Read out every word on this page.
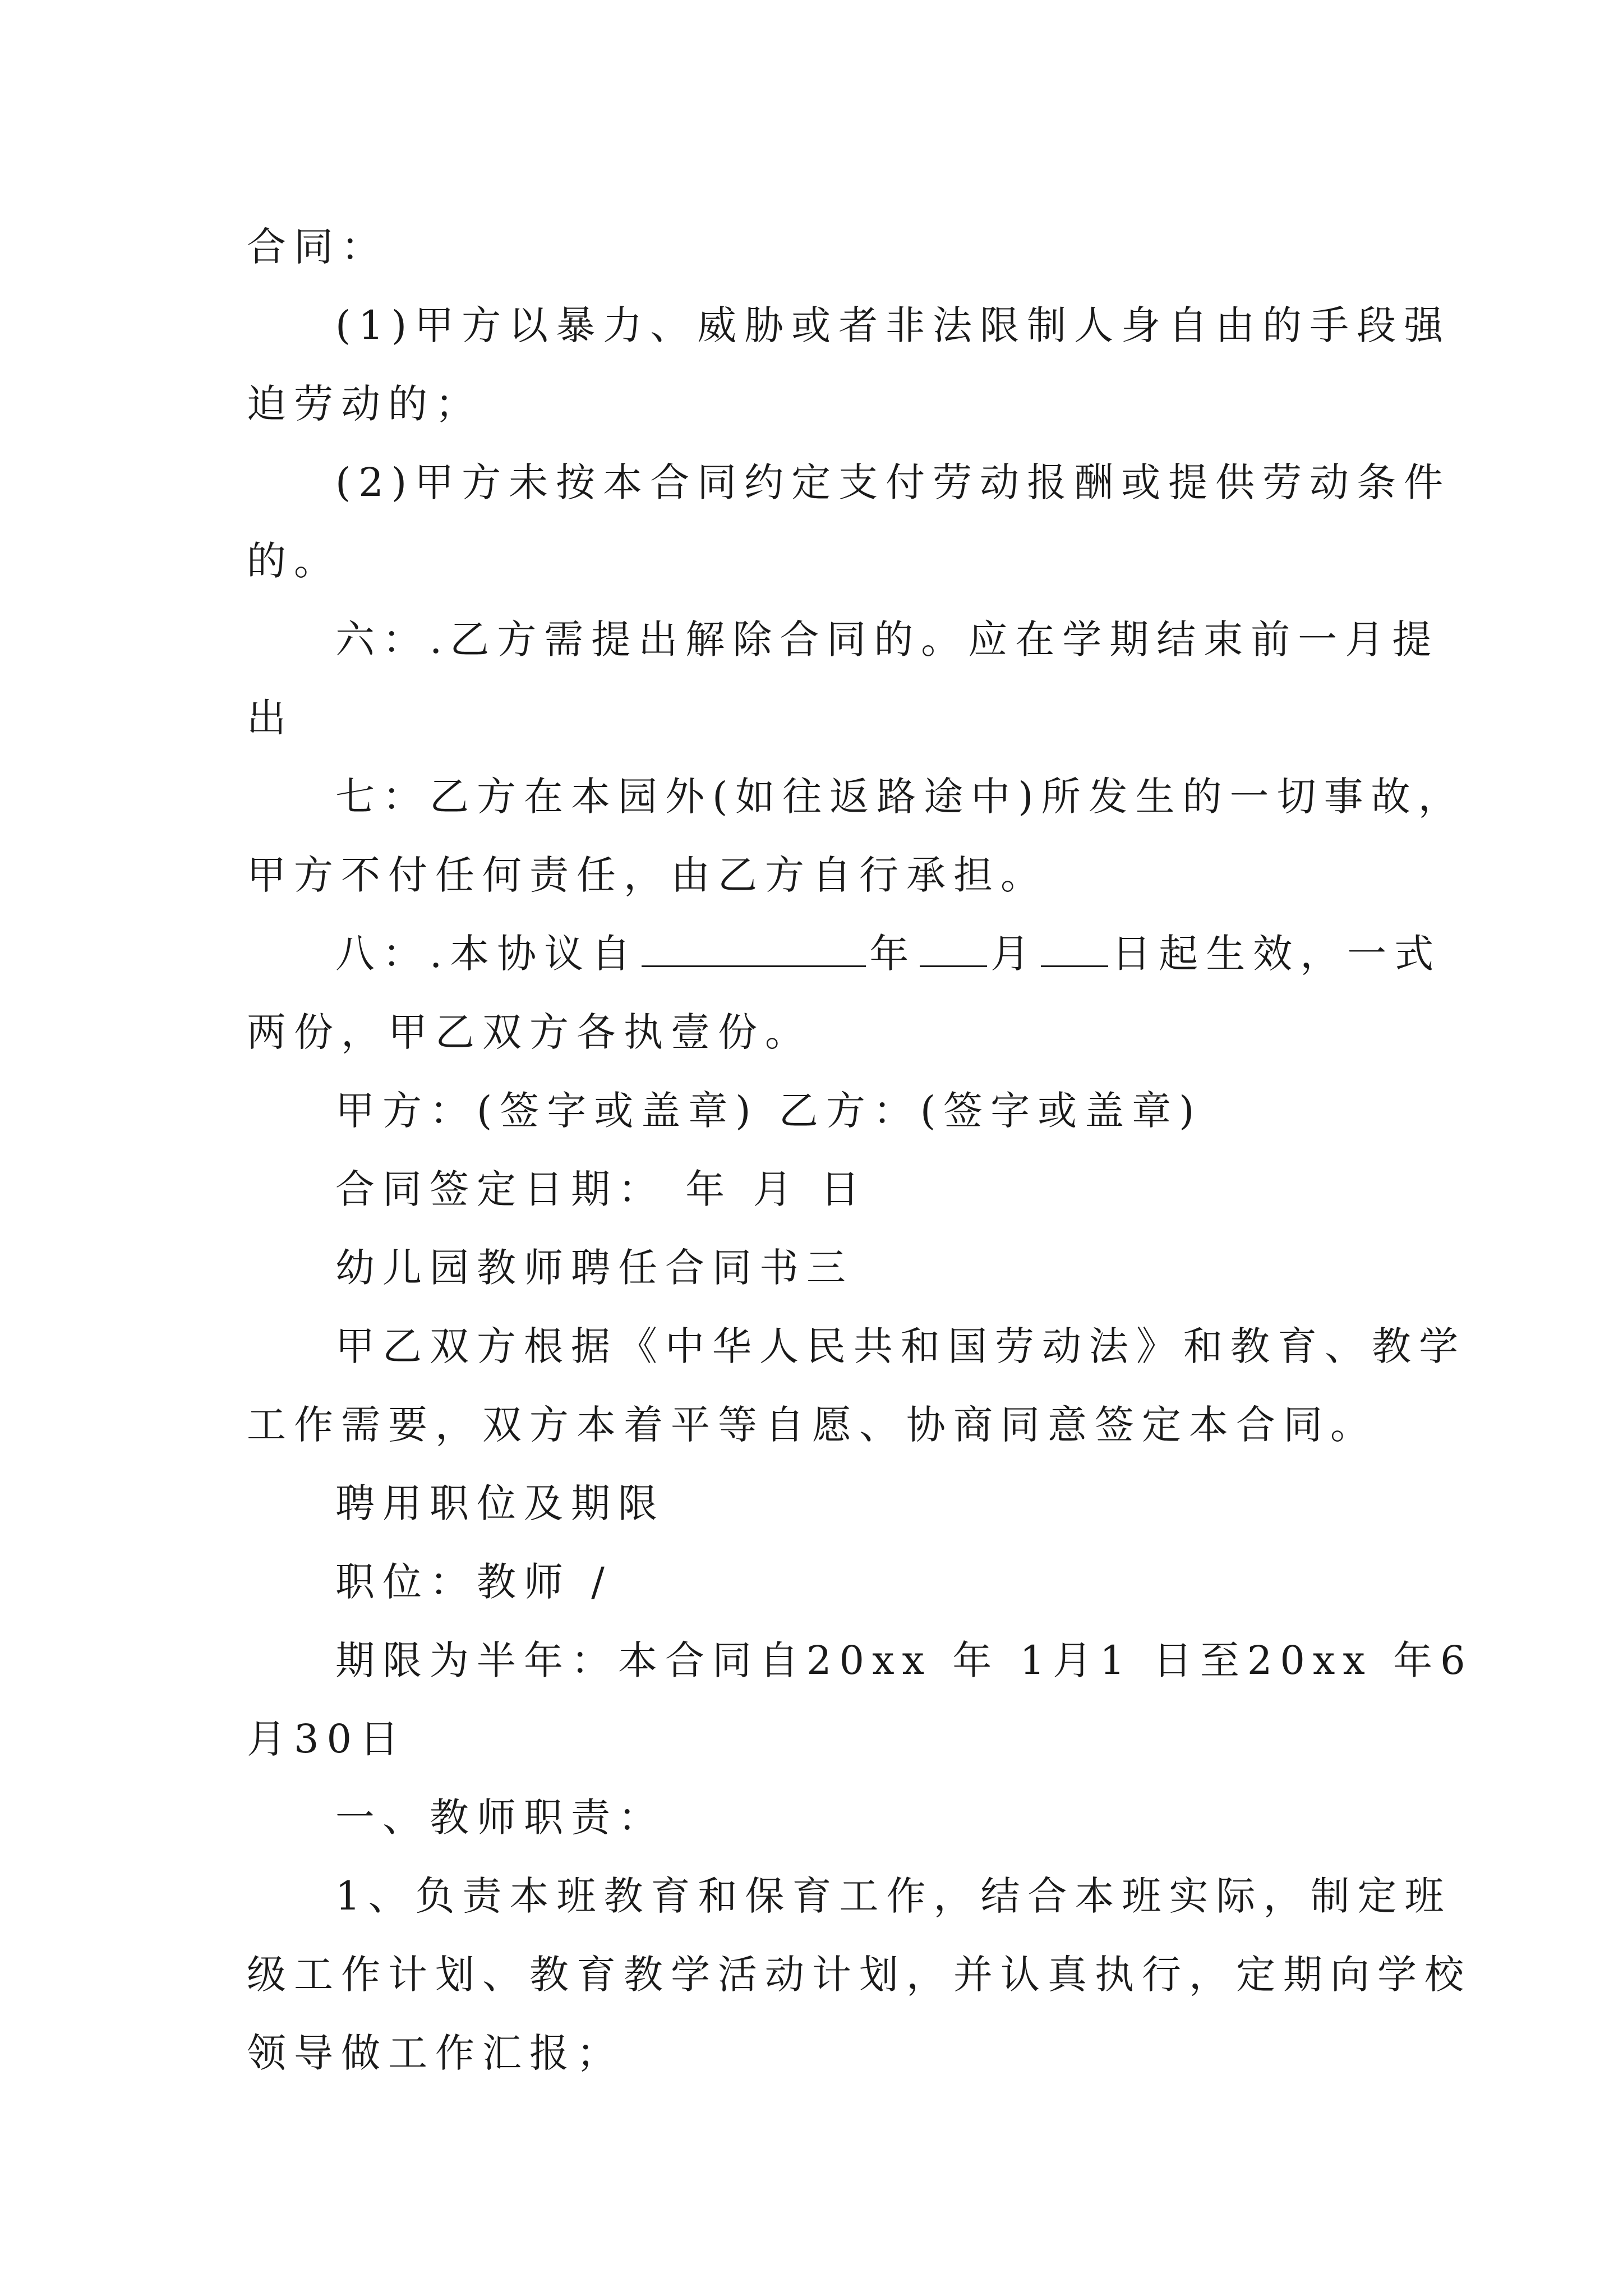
合同：
(1)甲方以暴力、威胁或者非法限制人身自由的手段强
迫劳动的；
(2)甲方未按本合同约定支付劳动报酬或提供劳动条件
的。
六：.乙方需提出解除合同的。应在学期结束前一月提
出
七：乙方在本园外(如往返路途中)所发生的一切事故，
甲方不付任何责任，由乙方自行承担。
八：.本协议自	年 月 日起生效，一式
两份，甲乙双方各执壹份。
甲方：(签字或盖章) 乙方：(签字或盖章)
合同签定日期： 年 月 日
幼儿园教师聘任合同书三
甲乙双方根据《中华人民共和国劳动法》和教育、教学
工作需要，双方本着平等自愿、协商同意签定本合同。
聘用职位及期限
职位：教师 /
期限为半年：本合同自20xx 年 1月1 日至20xx 年6
月30日
一、教师职责：
1、负责本班教育和保育工作，结合本班实际，制定班
级工作计划、教育教学活动计划，并认真执行，定期向学校
领导做工作汇报；
